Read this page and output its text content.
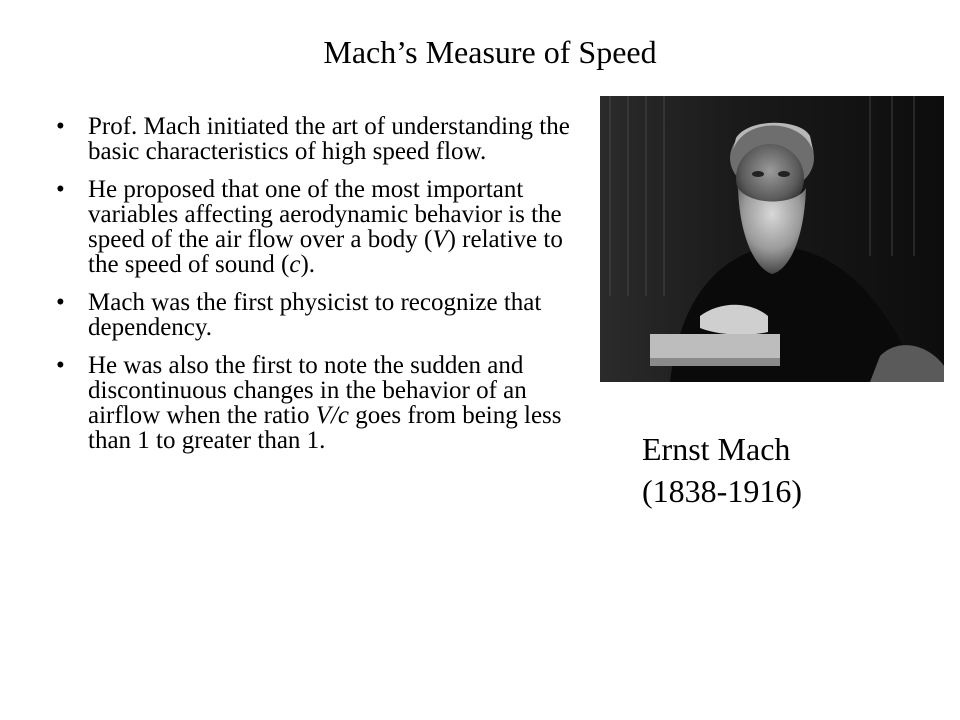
Mach’s Measure of Speed
• Prof. Mach initiated the art of understanding the basic characteristics of high speed flow.
• He proposed that one of the most important variables affecting aerodynamic behavior is the speed of the air flow over a body (V) relative to the speed of sound (c).
• Mach was the first physicist to recognize that dependency.
• He was also the first to note the sudden and discontinuous changes in the behavior of an airflow when the ratio V/c goes from being less than 1 to greater than 1.	Ernst Mach
(1838-1916)
